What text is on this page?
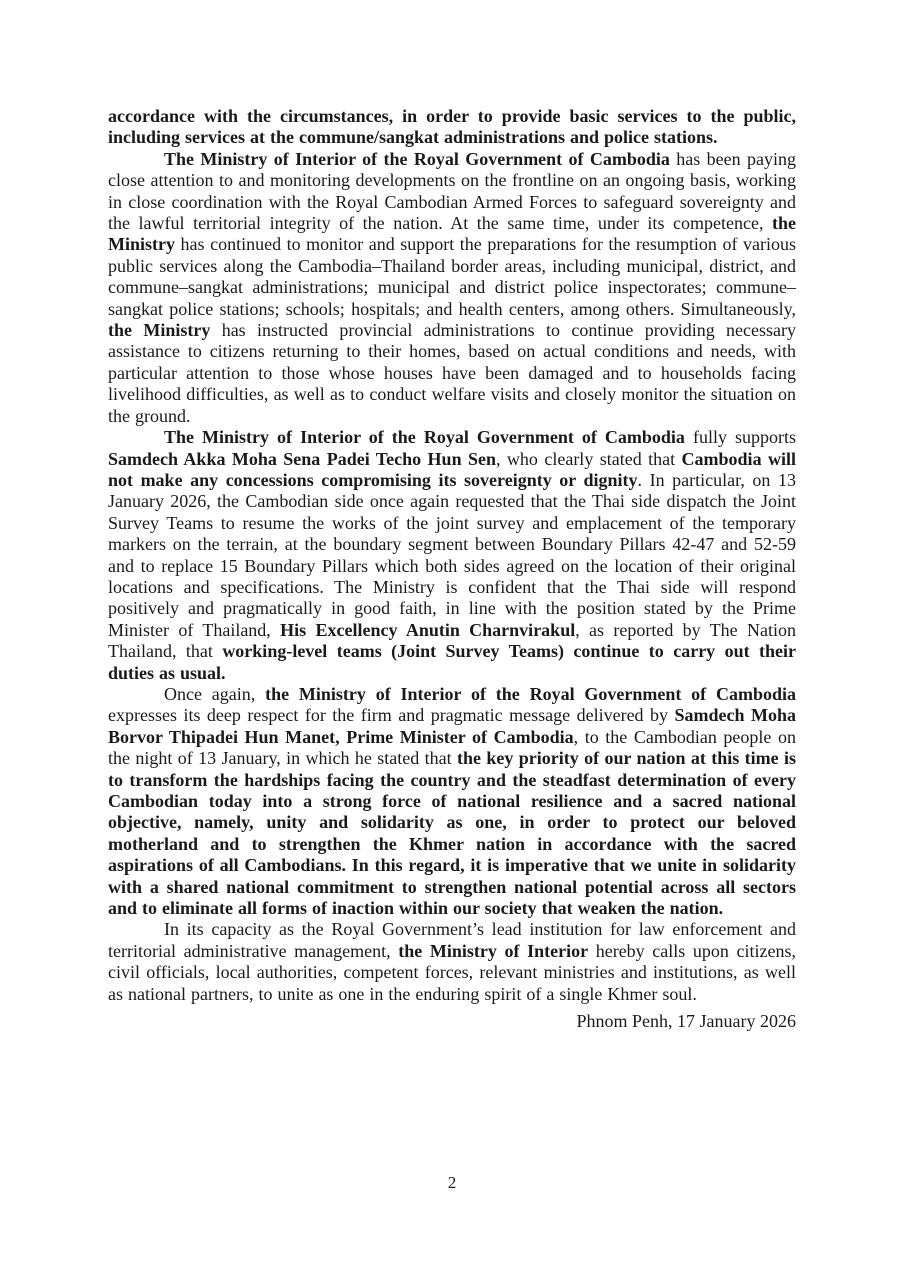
accordance with the circumstances, in order to provide basic services to the public, including services at the commune/sangkat administrations and police stations.

The Ministry of Interior of the Royal Government of Cambodia has been paying close attention to and monitoring developments on the frontline on an ongoing basis, working in close coordination with the Royal Cambodian Armed Forces to safeguard sovereignty and the lawful territorial integrity of the nation. At the same time, under its competence, the Ministry has continued to monitor and support the preparations for the resumption of various public services along the Cambodia–Thailand border areas, including municipal, district, and commune–sangkat administrations; municipal and district police inspectorates; commune–sangkat police stations; schools; hospitals; and health centers, among others. Simultaneously, the Ministry has instructed provincial administrations to continue providing necessary assistance to citizens returning to their homes, based on actual conditions and needs, with particular attention to those whose houses have been damaged and to households facing livelihood difficulties, as well as to conduct welfare visits and closely monitor the situation on the ground.

The Ministry of Interior of the Royal Government of Cambodia fully supports Samdech Akka Moha Sena Padei Techo Hun Sen, who clearly stated that Cambodia will not make any concessions compromising its sovereignty or dignity. In particular, on 13 January 2026, the Cambodian side once again requested that the Thai side dispatch the Joint Survey Teams to resume the works of the joint survey and emplacement of the temporary markers on the terrain, at the boundary segment between Boundary Pillars 42-47 and 52-59 and to replace 15 Boundary Pillars which both sides agreed on the location of their original locations and specifications. The Ministry is confident that the Thai side will respond positively and pragmatically in good faith, in line with the position stated by the Prime Minister of Thailand, His Excellency Anutin Charnvirakul, as reported by The Nation Thailand, that working-level teams (Joint Survey Teams) continue to carry out their duties as usual.

Once again, the Ministry of Interior of the Royal Government of Cambodia expresses its deep respect for the firm and pragmatic message delivered by Samdech Moha Borvor Thipadei Hun Manet, Prime Minister of Cambodia, to the Cambodian people on the night of 13 January, in which he stated that the key priority of our nation at this time is to transform the hardships facing the country and the steadfast determination of every Cambodian today into a strong force of national resilience and a sacred national objective, namely, unity and solidarity as one, in order to protect our beloved motherland and to strengthen the Khmer nation in accordance with the sacred aspirations of all Cambodians. In this regard, it is imperative that we unite in solidarity with a shared national commitment to strengthen national potential across all sectors and to eliminate all forms of inaction within our society that weaken the nation.

In its capacity as the Royal Government’s lead institution for law enforcement and territorial administrative management, the Ministry of Interior hereby calls upon citizens, civil officials, local authorities, competent forces, relevant ministries and institutions, as well as national partners, to unite as one in the enduring spirit of a single Khmer soul.

Phnom Penh, 17 January 2026
2
